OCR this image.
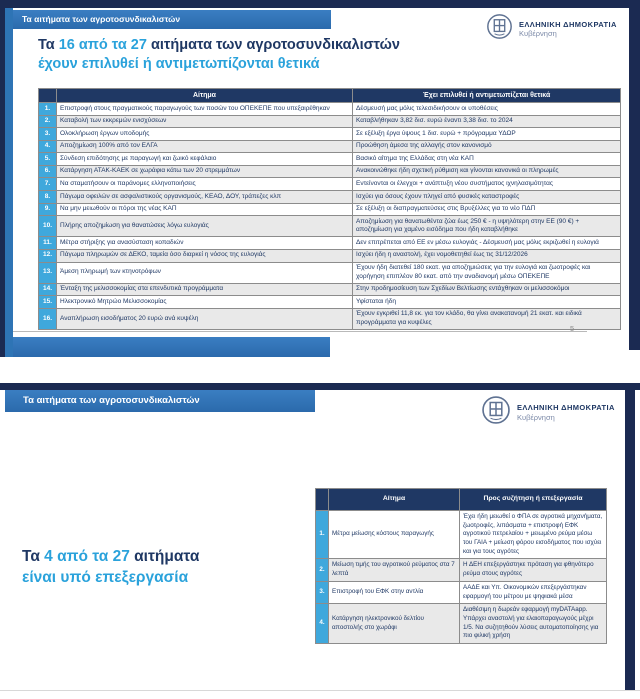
Τα αιτήματα των αγροτοσυνδικαλιστών
ΕΛΛΗΝΙΚΗ ΔΗΜΟΚΡΑΤΙΑ
Κυβέρνηση
Τα 16 από τα 27 αιτήματα των αγροτοσυνδικαλιστών
έχουν επιλυθεί ή αντιμετωπίζονται θετικά
	Αίτημα	Έχει επιλυθεί ή αντιμετωπίζεται θετικά
1.	Επιστροφή στους πραγματικούς παραγωγούς των ποσών του ΟΠΕΚΕΠΕ που υπεξαιρέθηκαν	Δέσμευσή μας μόλις τελεσιδικήσουν οι υποθέσεις
2.	Καταβολή των εκκρεμών ενισχύσεων	Καταβλήθηκαν 3,82 δισ. ευρώ έναντι 3,38 δισ. το 2024
3.	Ολοκλήρωση έργων υποδομής	Σε εξέλιξη έργα ύψους 1 δισ. ευρώ + πρόγραμμα ΥΔΩΡ
4.	Αποζημίωση 100% από τον ΕΛΓΑ	Προώθηση άμεσα της αλλαγής στον κανονισμό
5.	Σύνδεση επιδότησης με παραγωγή και ζωικό κεφάλαιο	Βασικό αίτημα της Ελλάδας στη νέα ΚΑΠ
6.	Κατάργηση ΑΤΑΚ-ΚΑΕΚ σε χωράφια κάτω των 20 στρεμμάτων	Ανακοινώθηκε ήδη σχετική ρύθμιση και γίνονται κανονικά οι πληρωμές
7.	Να σταματήσουν οι παράνομες ελληνοποιήσεις	Εντείνονται οι έλεγχοι + ανάπτυξη νέου συστήματος ιχνηλασιμότητας
8.	Πάγωμα οφειλών σε ασφαλιστικούς οργανισμούς, ΚΕΑΟ, ΔΟΥ, τράπεζες κλπ	Ισχύει για όσους έχουν πληγεί από φυσικές καταστροφές
9.	Να μην μειωθούν οι πόροι της νέας ΚΑΠ	Σε εξέλιξη οι διαπραγματεύσεις στις Βρυξέλλες για το νέο ΠΔΠ
10.	Πλήρης αποζημίωση για θανατώσεις λόγω ευλογιάς	Αποζημίωση για θανατωθέντα ζώα έως 250 € - η υψηλότερη στην ΕΕ (90 €) + αποζημίωση για χαμένο εισόδημα που ήδη καταβλήθηκε
11.	Μέτρα στήριξης για ανασύσταση κοπαδιών	Δεν επιτρέπεται από ΕΕ εν μέσω ευλογιάς - Δέσμευσή μας μόλις εκριζωθεί η ευλογιά
12.	Πάγωμα πληρωμών σε ΔΕΚΟ, ταμεία όσο διαρκεί η νόσος της ευλογιάς	Ισχύει ήδη η αναστολή, έχει νομοθετηθεί έως τις 31/12/2026
13.	Άμεση πληρωμή των κτηνοτρόφων	Έχουν ήδη διατεθεί 180 εκατ. για αποζημιώσεις για την ευλογιά και ζωοτροφές και χορήγηση επιπλέον 80 εκατ. από την αναδιανομή μέσω ΟΠΕΚΕΠΕ
14.	Ένταξη της μελισσοκομίας στα επενδυτικά προγράμματα	Στην προδημοσίευση των Σχεδίων Βελτίωσης εντάχθηκαν οι μελισσοκόμοι
15.	Ηλεκτρονικό Μητρώο Μελισσοκομίας	Υφίσταται ήδη
16.	Αναπλήρωση εισοδήματος 20 ευρώ ανά κυψέλη	Έχουν εγκριθεί 11,8 εκ. για τον κλάδο, θα γίνει ανακατανομή 21 εκατ. και ειδικά προγράμματα για κυψέλες
5
Τα αιτήματα των αγροτοσυνδικαλιστών
ΕΛΛΗΝΙΚΗ ΔΗΜΟΚΡΑΤΙΑ
Κυβέρνηση
Τα 4 από τα 27 αιτήματα
είναι υπό επεξεργασία
	Αίτημα	Προς συζήτηση ή επεξεργασία
1.	Μέτρα μείωσης κόστους παραγωγής	Έχει ήδη μειωθεί ο ΦΠΑ σε αγροτικά μηχανήματα, ζωοτροφές, λιπάσματα + επιστροφή ΕΦΚ αγροτικού πετρελαίου + μειωμένο ρεύμα μέσω του ΓΑΙΑ + μείωση φόρου εισοδήματος που ισχύει και για τους αγρότες
2.	Μείωση τιμής του αγροτικού ρεύματος στα 7 λεπτά	Η ΔΕΗ επεξεργάστηκε πρόταση για φθηνότερο ρεύμα στους αγρότες
3.	Επιστροφή του ΕΦΚ στην αντλία	ΑΑΔΕ και Υπ. Οικονομικών επεξεργάστηκαν εφαρμογή του μέτρου με ψηφιακά μέσα
4.	Κατάργηση ηλεκτρονικού δελτίου αποστολής στο χωράφι	Διαθέσιμη η δωρεάν εφαρμογή myDATAapp. Υπάρχει αναστολή για ελαιοπαραγωγούς μέχρι 1/5. Να συζητηθούν λύσεις αυτοματοποίησης για πιο φιλική χρήση
